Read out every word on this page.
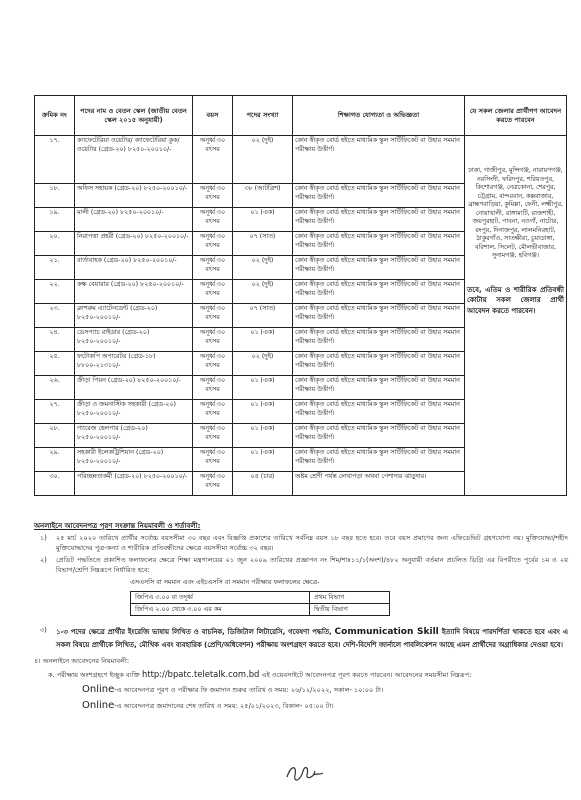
ক্রমিক নং	পদের নাম ও বেতন স্কেল (জাতীয় বেতন স্কেল ২০১৫ অনুযায়ী)	বয়স	পদের সংখ্যা	শিক্ষাগত যোগ্যতা ও অভিজ্ঞতা	যে সকল জেলার প্রার্থীগণ আবেদন করতে পারবেন
১৭.	ক্যাফেটেরিয়া ওয়েটার/ ক্যাফেটেরিয়া কুক/ওয়েটার (গ্রেড-২০) ৮২৫০-২০০১০/-	অনূর্ধ্ব ৩০ বৎসর	০২ (দুই)	কোন স্বীকৃত বোর্ড হইতে মাধ্যমিক স্কুল সার্টিফিকেট বা উহার সমমান পরীক্ষায় উত্তীর্ণ।	ঢাকা, গাজীপুর, মুন্সিগঞ্জ, নারায়ণগঞ্জ, নরসিংদী, ফরিদপুর, শরিয়তপুর, কিশোরগঞ্জ, নেত্রকোনা, শেরপুর, চট্টগ্রাম, বান্দরবান, কক্সবাজার, ব্রাহ্মণবাড়িয়া, কুমিল্লা, ফেনী, লক্ষ্মীপুর, নোয়াখালী, রাঙ্গামাটি, রাজশাহী, জয়পুরহাট, পাবনা, নওগাঁ, নাটোর, রংপুর, দিনাজপুর, লালমনিরহাট, ঠাকুরগাঁও, সাতক্ষীরা, চুয়াডাঙ্গা, বরিশাল, সিলেট, মৌলভীবাজার, সুনামগঞ্জ, হবিগঞ্জ।
তবে, এতিম ও শারীরিক প্রতিবন্ধী কোটায় সকল জেলার প্রার্থী আবেদন করতে পারবেন।

১৮.	অফিস সহায়ক (গ্রেড-২০) ৮২৫০-২০০১০/-	অনূর্ধ্ব ৩০ বৎসর	৩৮ (আটত্রিশ)	কোন স্বীকৃত বোর্ড হইতে মাধ্যমিক স্কুল সার্টিফিকেট বা উহার সমমান পরীক্ষায় উত্তীর্ণ।	
১৯.	মালী (গ্রেড-২০) ৮২৫০-২০০১০/-	অনূর্ধ্ব ৩০ বৎসর	০১ (এক)	কোন স্বীকৃত বোর্ড হইতে মাধ্যমিক স্কুল সার্টিফিকেট বা উহার সমমান পরীক্ষায় উত্তীর্ণ।	
২০.	নিরাপত্তা প্রহরী (গ্রেড-২০) ৮২৫০-২০০১০/-	অনূর্ধ্ব ৩০ বৎসর	০৭ (সাত)	কোন স্বীকৃত বোর্ড হইতে মাধ্যমিক স্কুল সার্টিফিকেট বা উহার সমমান পরীক্ষায় উত্তীর্ণ।	
২১.	বার্তাবাহক (গ্রেড-২০) ৮২৫০-২০০১০/-	অনূর্ধ্ব ৩০ বৎসর	০২ (দুই)	কোন স্বীকৃত বোর্ড হইতে মাধ্যমিক স্কুল সার্টিফিকেট বা উহার সমমান পরীক্ষায় উত্তীর্ণ।	
২২.	কক্ষ বেয়ারার (গ্রেড-২০) ৮২৫০-২০০১০/-	অনূর্ধ্ব ৩০ বৎসর	০২ (দুই)	কোন স্বীকৃত বোর্ড হইতে মাধ্যমিক স্কুল সার্টিফিকেট বা উহার সমমান পরীক্ষায় উত্তীর্ণ।	
২৩.	ক্লাশরুম এ্যাটেনডেন্ট (গ্রেড-২০) ৮২৫০-২০০১০/-	অনূর্ধ্ব ৩০ বৎসর	০৭ (সাত)	কোন স্বীকৃত বোর্ড হইতে মাধ্যমিক স্কুল সার্টিফিকেট বা উহার সমমান পরীক্ষায় উত্তীর্ণ।	
২৪.	ডেসপ্যাচ রাইডার (গ্রেড-২০) ৮২৫০-২০০১০/-	অনূর্ধ্ব ৩০ বৎসর	০১ (এক)	কোন স্বীকৃত বোর্ড হইতে মাধ্যমিক স্কুল সার্টিফিকেট বা উহার সমমান পরীক্ষায় উত্তীর্ণ।	
২৫.	ফটোকপি অপারেটর (গ্রেড-১৮) ৮৮০০-২১৩১০/-	অনূর্ধ্ব ৩০ বৎসর	০২ (দুই)	কোন স্বীকৃত বোর্ড হইতে মাধ্যমিক স্কুল সার্টিফিকেট বা উহার সমমান পরীক্ষায় উত্তীর্ণ।	
২৬.	ক্রীড়া পিয়ন (গ্রেড-২০) ৮২৫০-২০০১০/-	অনূর্ধ্ব ৩০ বৎসর	০১ (এক)	কোন স্বীকৃত বোর্ড হইতে মাধ্যমিক স্কুল সার্টিফিকেট বা উহার সমমান পরীক্ষায় উত্তীর্ণ।	
২৭.	ক্রীড়া ও জমনাস্টিক সহকারী (গ্রেড-২০) ৮২৫০-২০০১০/-	অনূর্ধ্ব ৩০ বৎসর	০১ (এক)	কোন স্বীকৃত বোর্ড হইতে মাধ্যমিক স্কুল সার্টিফিকেট বা উহার সমমান পরীক্ষায় উত্তীর্ণ।	
২৮.	গ্যারেজ হেলপার (গ্রেড-২০) ৮২৫০-২০০১০/-	অনূর্ধ্ব ৩০ বৎসর	০১ (এক)	কোন স্বীকৃত বোর্ড হইতে মাধ্যমিক স্কুল সার্টিফিকেট বা উহার সমমান পরীক্ষায় উত্তীর্ণ।	
২৯.	সহকারী ইলেকট্রিশিয়ান (গ্রেড-২০) ৮২৫০-২০০১০/-	অনূর্ধ্ব ৩০ বৎসর	০১ (এক)	কোন স্বীকৃত বোর্ড হইতে মাধ্যমিক স্কুল সার্টিফিকেট বা উহার সমমান পরীক্ষায় উত্তীর্ণ।	
৩০.	পরিচ্ছন্নতাকর্মী (গ্রেড-২০) ৮২৫০-২০০১০/-	অনূর্ধ্ব ৩০ বৎসর	০৪ (চার)	অষ্টম শ্রেণী পর্যন্ত লেখাপড়া অথবা পেশাদার ঝাড়ুদার।	
অনলাইনে আবেদনপত্র পূরণ সংক্রান্ত নিয়মাবলী ও শর্তাবলী:
১)	২৫ মার্চ ২০২০ তারিখে প্রার্থীর সর্বোচ্চ বয়সসীমা ৩০ বছর এবং বিজ্ঞপ্তি প্রকাশের তারিখে সর্বনিম্ন বয়স ১৮ বছর হতে হবে। তবে বয়স প্রমাণের জন্য এফিডেভিট গ্রহণযোগ্য নয়। মুক্তিযোদ্ধা/শহীদ মুক্তিযোদ্ধাদের পুত্র-কন্যা ও শারীরিক প্রতিবন্ধীদের ক্ষেত্রে বয়সসীমা সর্বোচ্চ ৩২ বছর।
২)	প্রেডিট পদ্ধতিতে প্রকাশিত ফলাফলের ক্ষেত্রে শিক্ষা মন্ত্রণালয়ের ০১ জুন ২০০৯ তারিখের প্রজ্ঞাপন নং শিম/শাঃ১১/১(অংশ)/৪৮২ অনুযায়ী বর্তমান প্রচলিত ডিগ্রি এর বিপরীতে পূর্বের ১ম ও ২য় বিভাগ/শ্রেণি নিম্নরূপে নির্ধারিত হবে:
এসএসসি বা সমমান এবং এইচএসসি বা সমমান পরীক্ষার ফলাফলের ক্ষেত্রে-
জিপিএ ৩.০০ বা তদূর্ধ্ব	প্রথম বিভাগ
জিপিএ ২.০০ থেকে ৩.০০ এর কম	দ্বিতীয় বিভাগ
৩)	১-৩ পদের ক্ষেত্রে প্রার্থীর ইংরেজি ভাষায় লিখিত ও বাচনিক, ডিজিটাল লিটারেসি, গবেষণা পদ্ধতি, Communication Skill ইত্যাদি বিষয়ে পারদর্শিতা থাকতে হবে এবং এ সকল বিষয়ে প্রার্থীকে লিখিত, মৌখিক এবং ব্যবহারিক (প্রেণি/অধিবেশন) পরীক্ষায় অংশগ্রহণ করতে হবে। দেশি-বিদেশি জার্নালে পাবলিকেশন আছে এমন প্রার্থীদের অগ্রাধিকার দেওয়া হবে।
৪। অনলাইনে আবেদনের নিয়মাবলী:
ক. পরীক্ষায় অংশগ্রহণে ইচ্ছুক ব্যক্তি http://bpatc.teletalk.com.bd এই ওয়েবসাইটে আবেদনপত্র পূরণ করতে পারবেন। আবেদনের সময়সীমা নিম্নরূপ:
Online-এ আবেদনপত্র পূরণ ও পরীক্ষার ফি জমাদান শুরুর তারিখ ও সময়: ২৬/১২/২০২২, সকাল- ১০:০০ টা।
Online-এ আবেদনপত্র জমাদানের শেষ তারিখ ও সময়: ২৫/০১/২০২৩, বিকাল- ০৫:০০ টা।
